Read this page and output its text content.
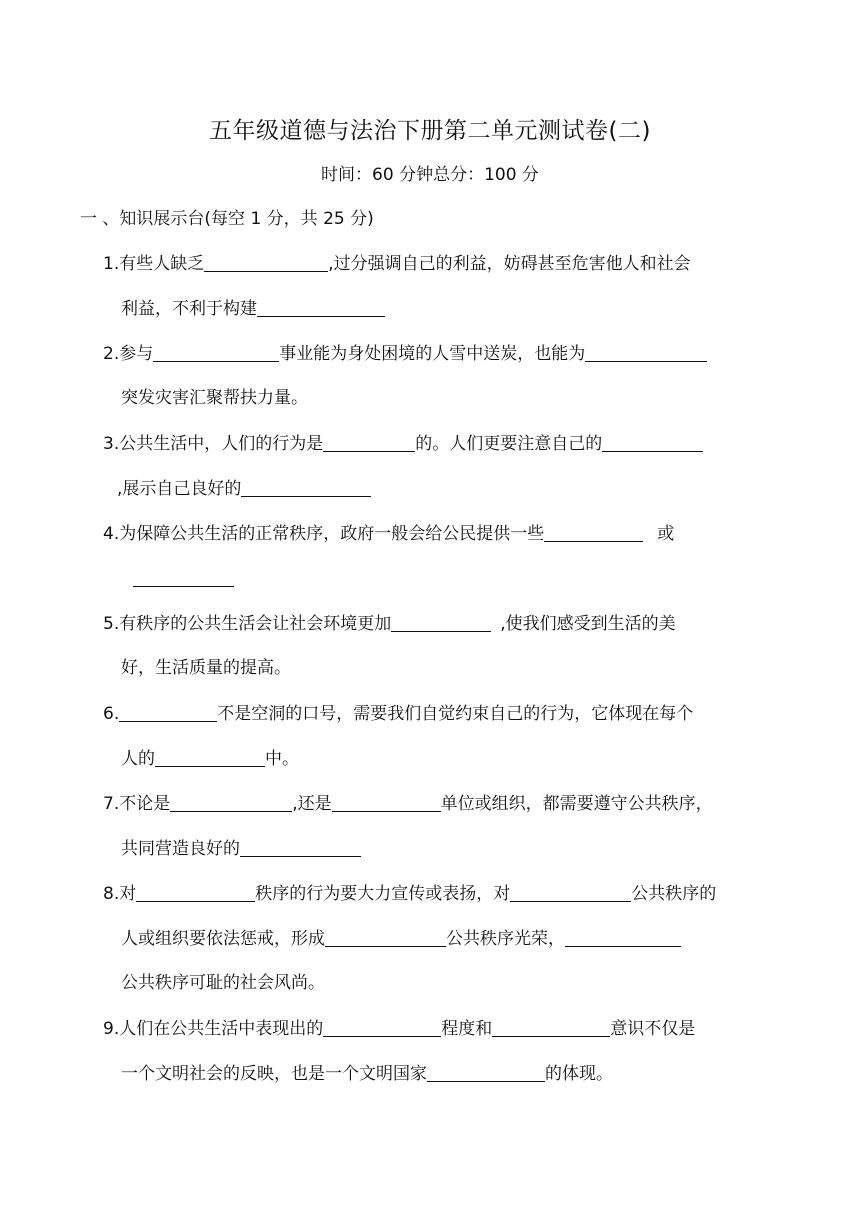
五年级道德与法治下册第二单元测试卷(二)
时间：60 分钟总分：100 分
一 、知识展示台(每空 1 分，共 25 分)
1.有些人缺乏	,过分强调自己的利益，妨碍甚至危害他人和社会
利益，不利于构建
2.参与	事业能为身处困境的人雪中送炭，也能为
突发灾害汇聚帮扶力量。
3.公共生活中，人们的行为是	的。人们更要注意自己的
,展示自己良好的
4.为保障公共生活的正常秩序，政府一般会给公民提供一些	或
5.有秩序的公共生活会让社会环境更加	,使我们感受到生活的美
好，生活质量的提高。
6.	不是空洞的口号，需要我们自觉约束自己的行为，它体现在每个
人的	中。
7.不论是	,还是	单位或组织，都需要遵守公共秩序，
共同营造良好的
8.对	秩序的行为要大力宣传或表扬，对	公共秩序的
人或组织要依法惩戒，形成	公共秩序光荣，
公共秩序可耻的社会风尚。
9.人们在公共生活中表现出的	程度和	意识不仅是
一个文明社会的反映，也是一个文明国家	的体现。
